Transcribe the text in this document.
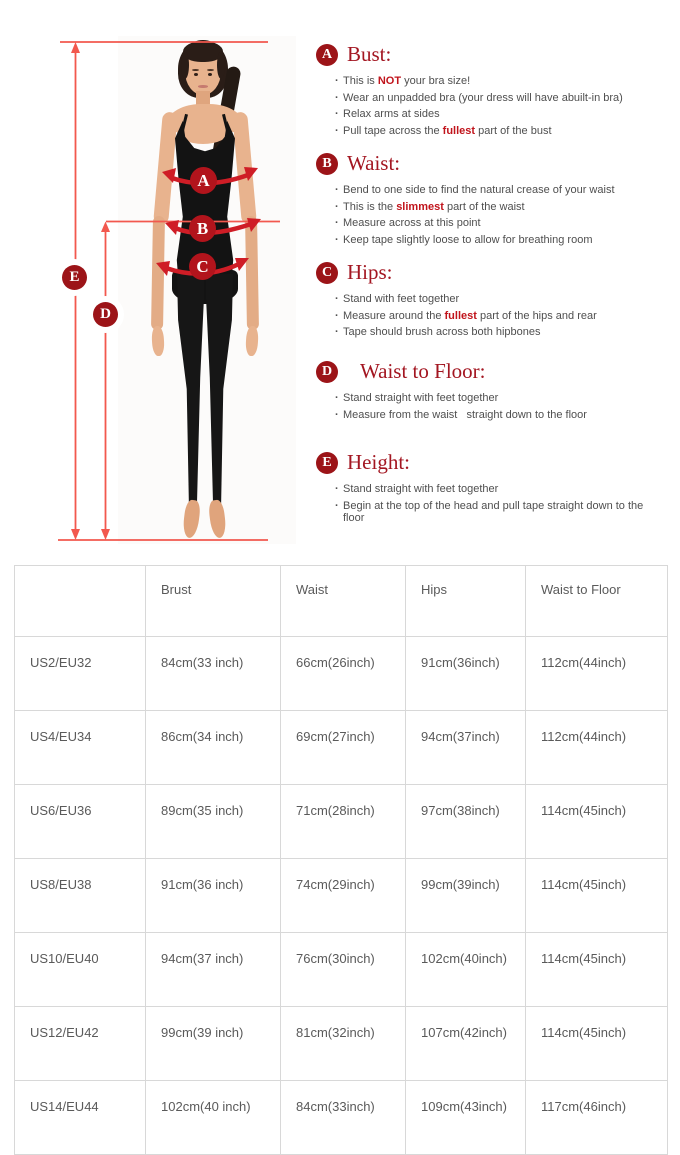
A
B
C
E
D
A Bust:
· This is NOT your bra size!
· Wear an unpadded bra (your dress will have abuilt-in bra)
· Relax arms at sides
· Pull tape across the fullest part of the bust
B Waist:
· Bend to one side to find the natural crease of your waist
· This is the slimmest part of the waist
· Measure across at this point
· Keep tape slightly loose to allow for breathing room
C Hips:
· Stand with feet together
· Measure around the fullest part of the hips and rear
· Tape should brush across both hipbones
D Waist to Floor:
· Stand straight with feet together
· Measure from the waist   straight down to the floor
E Height:
· Stand straight with feet together
· Begin at the top of the head and pull tape straight down to the floor
	Brust	Waist	Hips	Waist to Floor
US2/EU32	84cm(33 inch)	66cm(26inch)	91cm(36inch)	112cm(44inch)
US4/EU34	86cm(34 inch)	69cm(27inch)	94cm(37inch)	112cm(44inch)
US6/EU36	89cm(35 inch)	71cm(28inch)	97cm(38inch)	114cm(45inch)
US8/EU38	91cm(36 inch)	74cm(29inch)	99cm(39inch)	114cm(45inch)
US10/EU40	94cm(37 inch)	76cm(30inch)	102cm(40inch)	114cm(45inch)
US12/EU42	99cm(39 inch)	81cm(32inch)	107cm(42inch)	114cm(45inch)
US14/EU44	102cm(40 inch)	84cm(33inch)	109cm(43inch)	117cm(46inch)
